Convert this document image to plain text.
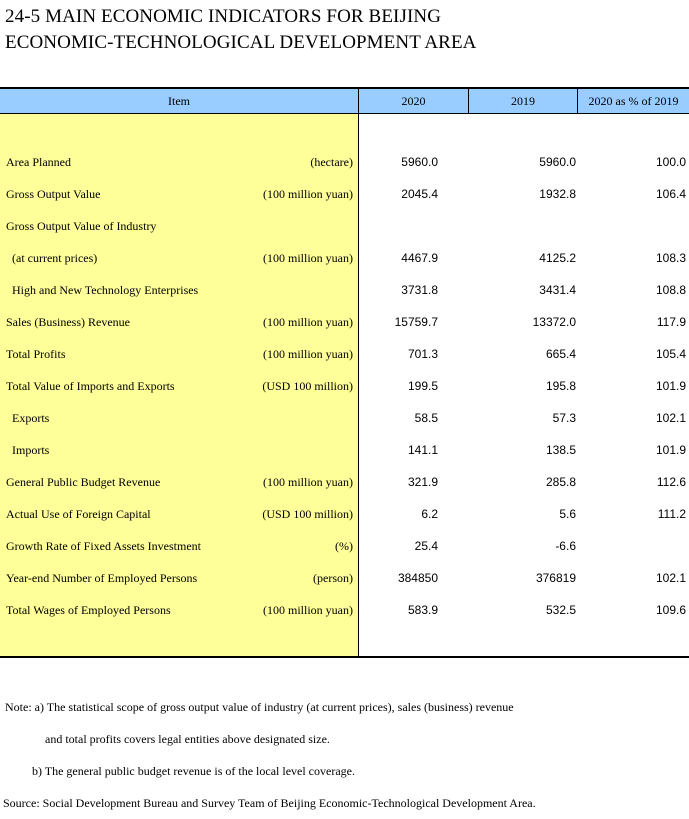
24-5 MAIN ECONOMIC INDICATORS FOR BEIJING
ECONOMIC-TECHNOLOGICAL DEVELOPMENT AREA
Item	2020	2019	2020 as % of 2019
Area Planned	(hectare)	5960.0	5960.0	100.0
Gross Output Value	(100 million yuan)	2045.4	1932.8	106.4
Gross Output Value of Industry
(at current prices)	(100 million yuan)	4467.9	4125.2	108.3
High and New Technology Enterprises	3731.8	3431.4	108.8
Sales (Business) Revenue	(100 million yuan)	15759.7	13372.0	117.9
Total Profits	(100 million yuan)	701.3	665.4	105.4
Total Value of Imports and Exports	(USD 100 million)	199.5	195.8	101.9
Exports	58.5	57.3	102.1
Imports	141.1	138.5	101.9
General Public Budget Revenue	(100 million yuan)	321.9	285.8	112.6
Actual Use of Foreign Capital	(USD 100 million)	6.2	5.6	111.2
Growth Rate of Fixed Assets Investment	(%)	25.4	-6.6
Year-end Number of Employed Persons	(person)	384850	376819	102.1
Total Wages of Employed Persons	(100 million yuan)	583.9	532.5	109.6
Note: a) The statistical scope of gross output value of industry (at current prices), sales (business) revenue
and total profits covers legal entities above designated size.
b) The general public budget revenue is of the local level coverage.
Source: Social Development Bureau and Survey Team of Beijing Economic-Technological Development Area.
